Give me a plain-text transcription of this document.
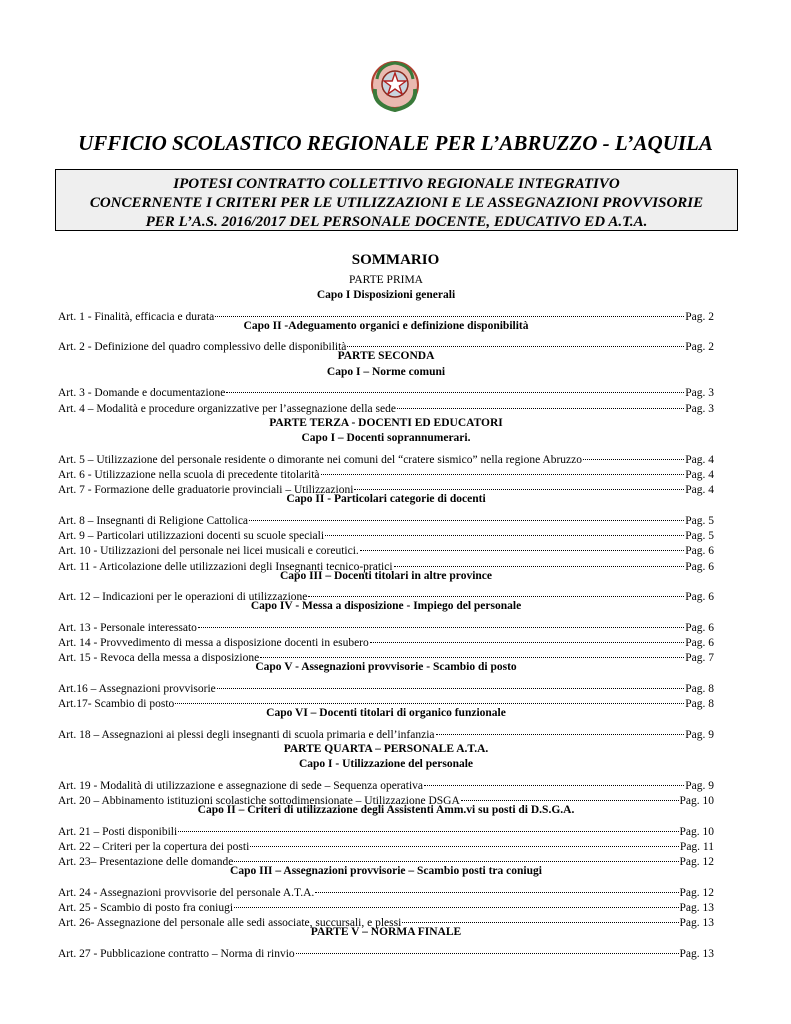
UFFICIO SCOLASTICO REGIONALE PER L’ABRUZZO - L’AQUILA
IPOTESI CONTRATTO COLLETTIVO REGIONALE INTEGRATIVO
CONCERNENTE I CRITERI PER LE UTILIZZAZIONI E LE ASSEGNAZIONI PROVVISORIE
PER L’A.S. 2016/2017 DEL PERSONALE DOCENTE, EDUCATIVO ED A.T.A.
SOMMARIO
PARTE PRIMA
Capo I Disposizioni generali
Art. 1 - Finalità, efficacia e durata	Pag. 2
Capo II -Adeguamento organici e definizione disponibilità
Art. 2 - Definizione del quadro complessivo delle disponibilità	Pag. 2
PARTE SECONDA
Capo I – Norme comuni
Art. 3 - Domande e documentazione	Pag. 3
Art. 4 – Modalità e procedure organizzative per l’assegnazione della sede	Pag. 3
PARTE TERZA - DOCENTI ED EDUCATORI
Capo I – Docenti soprannumerari.
Art. 5 – Utilizzazione del personale residente o dimorante nei comuni del “cratere sismico” nella regione Abruzzo	Pag. 4
Art. 6 - Utilizzazione nella scuola di precedente titolarità	Pag. 4
Art. 7 - Formazione delle graduatorie provinciali – Utilizzazioni	Pag. 4
Capo II - Particolari categorie di docenti
Art. 8 – Insegnanti di Religione Cattolica	Pag. 5
Art. 9 – Particolari utilizzazioni docenti su scuole speciali	Pag. 5
Art. 10 - Utilizzazioni del personale nei licei musicali e coreutici.	Pag. 6
Art. 11 - Articolazione delle utilizzazioni degli Insegnanti tecnico-pratici	Pag. 6
Capo III – Docenti titolari in altre province
Art. 12 – Indicazioni per le operazioni di utilizzazione	Pag. 6
Capo IV - Messa a disposizione - Impiego del personale
Art. 13 - Personale interessato	Pag. 6
Art. 14 - Provvedimento di messa a disposizione docenti in esubero	Pag. 6
Art. 15 - Revoca della messa a disposizione	Pag. 7
Capo V - Assegnazioni provvisorie - Scambio di posto
Art.16 – Assegnazioni provvisorie	Pag. 8
Art.17- Scambio di posto	Pag. 8
Capo VI – Docenti titolari di organico funzionale
Art. 18 – Assegnazioni ai plessi degli insegnanti di scuola primaria e dell’infanzia	Pag. 9
PARTE QUARTA – PERSONALE A.T.A.
Capo I - Utilizzazione del personale
Art. 19 - Modalità di utilizzazione e assegnazione di sede – Sequenza operativa	Pag. 9
Art. 20 – Abbinamento istituzioni scolastiche sottodimensionate – Utilizzazione DSGA	Pag. 10
Capo II – Criteri di utilizzazione degli Assistenti Amm.vi su posti di D.S.G.A.
Art. 21 – Posti disponibili	Pag. 10
Art. 22 – Criteri per la copertura dei posti	Pag. 11
Art. 23– Presentazione delle domande	Pag. 12
Capo III – Assegnazioni provvisorie – Scambio posti tra coniugi
Art. 24 - Assegnazioni provvisorie del personale A.T.A.	Pag. 12
Art. 25 - Scambio di posto fra coniugi	Pag. 13
Art. 26- Assegnazione del personale alle sedi associate, succursali, e plessi	Pag. 13
PARTE V – NORMA FINALE
Art. 27 - Pubblicazione contratto – Norma di rinvio	Pag. 13
